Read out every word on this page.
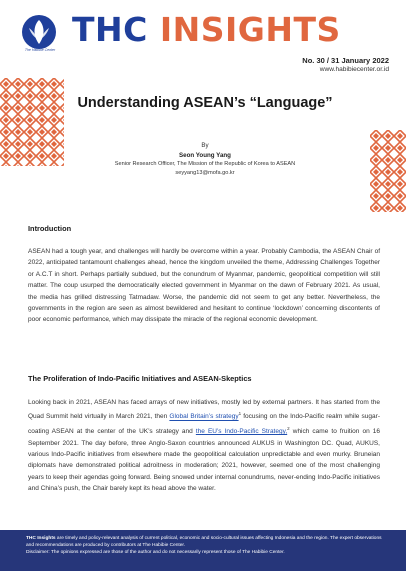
The Habibie Center
THC INSIGHTS
No. 30 / 31 January 2022
www.habibiecenter.or.id
Understanding ASEAN’s “Language”
By
Seon Young Yang
Senior Research Officer, The Mission of the Republic of Korea to ASEAN
seyyang13@mofa.go.kr
Introduction
ASEAN had a tough year, and challenges will hardly be overcome within a year. Probably Cambodia, the ASEAN Chair of 2022, anticipated tantamount challenges ahead, hence the kingdom unveiled the theme, Addressing Challenges Together or A.C.T in short. Perhaps partially subdued, but the conundrum of Myanmar, pandemic, geopolitical competition will still matter. The coup usurped the democratically elected government in Myanmar on the dawn of February 2021. As usual, the media has grilled distressing Tatmadaw. Worse, the pandemic did not seem to get any better. Nevertheless, the governments in the region are seen as almost bewildered and hesitant to continue ‘lockdown’ concerning discontents of poor economic performance, which may dissipate the miracle of the regional economic development.
The Proliferation of Indo-Pacific Initiatives and ASEAN-Skeptics
Looking back in 2021, ASEAN has faced arrays of new initiatives, mostly led by external partners. It has started from the Quad Summit held virtually in March 2021, then Global Britain’s strategy$^1$ focusing on the Indo-Pacific realm while sugar-coating ASEAN at the center of the UK’s strategy and the EU’s Indo-Pacific Strategy,$^2$ which came to fruition on 16 September 2021. The day before, three Anglo-Saxon countries announced AUKUS in Washington DC. Quad, AUKUS, various Indo-Pacific initiatives from elsewhere made the geopolitical calculation unpredictable and even murky. Bruneian diplomats have demonstrated political adroitness in moderation; 2021, however, seemed one of the most challenging years to keep their agendas going forward. Being snowed under internal conundrums, never-ending Indo-Pacific initiatives and China’s push, the Chair barely kept its head above the water.
THC Insights are timely and policy-relevant analysis of current political, economic and socio-cultural issues affecting Indonesia and the region. The expert observations and recommendations are produced by contributors at The Habibie Center.
Disclaimer: The opinions expressed are those of the author and do not necessarily represent those of The Habibie Center.
